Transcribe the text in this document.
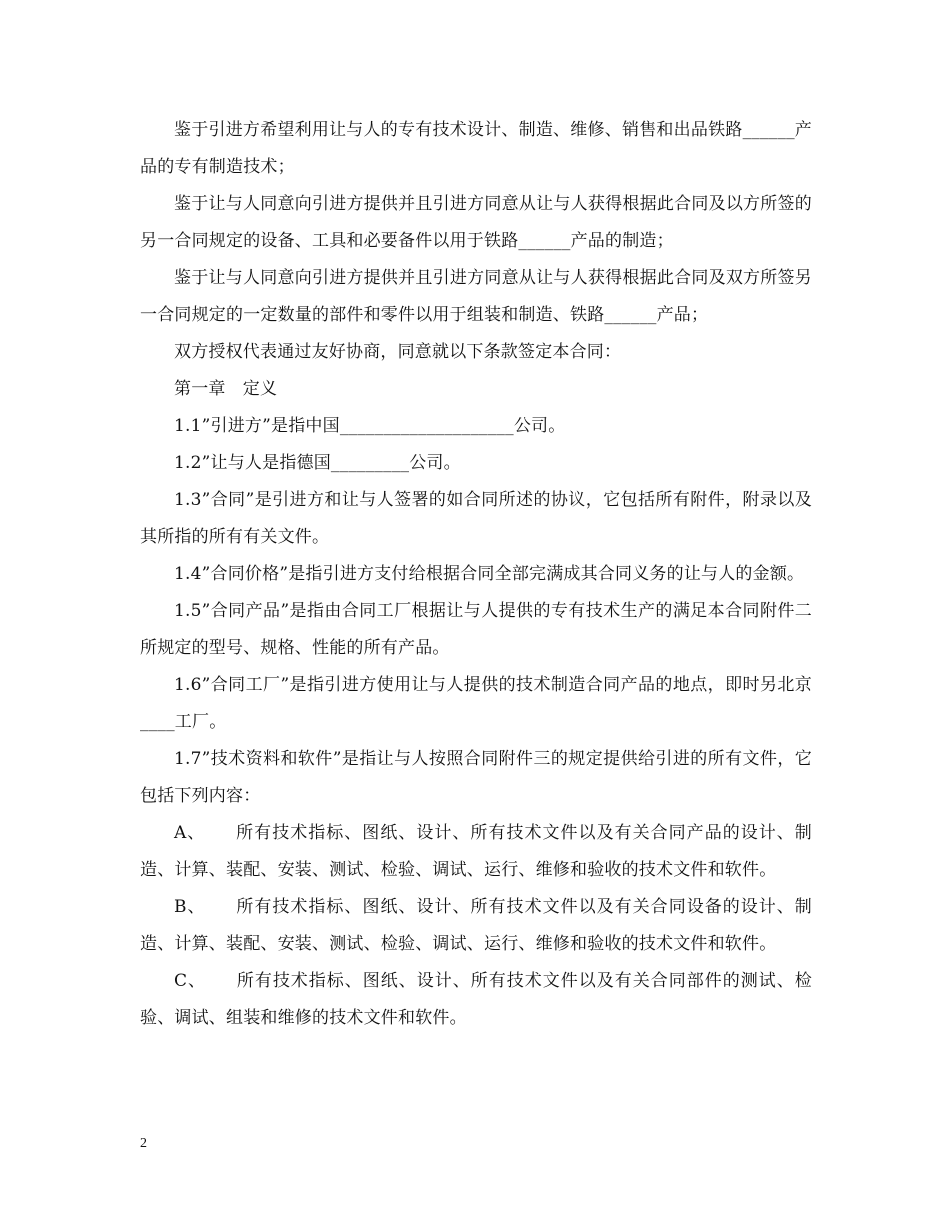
鉴于引进方希望利用让与人的专有技术设计、制造、维修、销售和出品铁路______产品的专有制造技术；

鉴于让与人同意向引进方提供并且引进方同意从让与人获得根据此合同及以方所签的另一合同规定的设备、工具和必要备件以用于铁路______产品的制造；

鉴于让与人同意向引进方提供并且引进方同意从让与人获得根据此合同及双方所签另一合同规定的一定数量的部件和零件以用于组装和制造、铁路______产品；

双方授权代表通过友好协商，同意就以下条款签定本合同：

第一章　定义

1.1”引进方”是指中国____________________公司。

1.2”让与人是指德国_________公司。

1.3”合同”是引进方和让与人签署的如合同所述的协议，它包括所有附件，附录以及其所指的所有有关文件。

1.4”合同价格”是指引进方支付给根据合同全部完满成其合同义务的让与人的金额。

1.5”合同产品”是指由合同工厂根据让与人提供的专有技术生产的满足本合同附件二所规定的型号、规格、性能的所有产品。

1.6”合同工厂”是指引进方使用让与人提供的技术制造合同产品的地点，即时另北京____工厂。

1.7”技术资料和软件”是指让与人按照合同附件三的规定提供给引进的所有文件，它包括下列内容：

A、 所有技术指标、图纸、设计、所有技术文件以及有关合同产品的设计、制造、计算、装配、安装、测试、检验、调试、运行、维修和验收的技术文件和软件。

B、 所有技术指标、图纸、设计、所有技术文件以及有关合同设备的设计、制造、计算、装配、安装、测试、检验、调试、运行、维修和验收的技术文件和软件。

C、 所有技术指标、图纸、设计、所有技术文件以及有关合同部件的测试、检验、调试、组装和维修的技术文件和软件。

2
